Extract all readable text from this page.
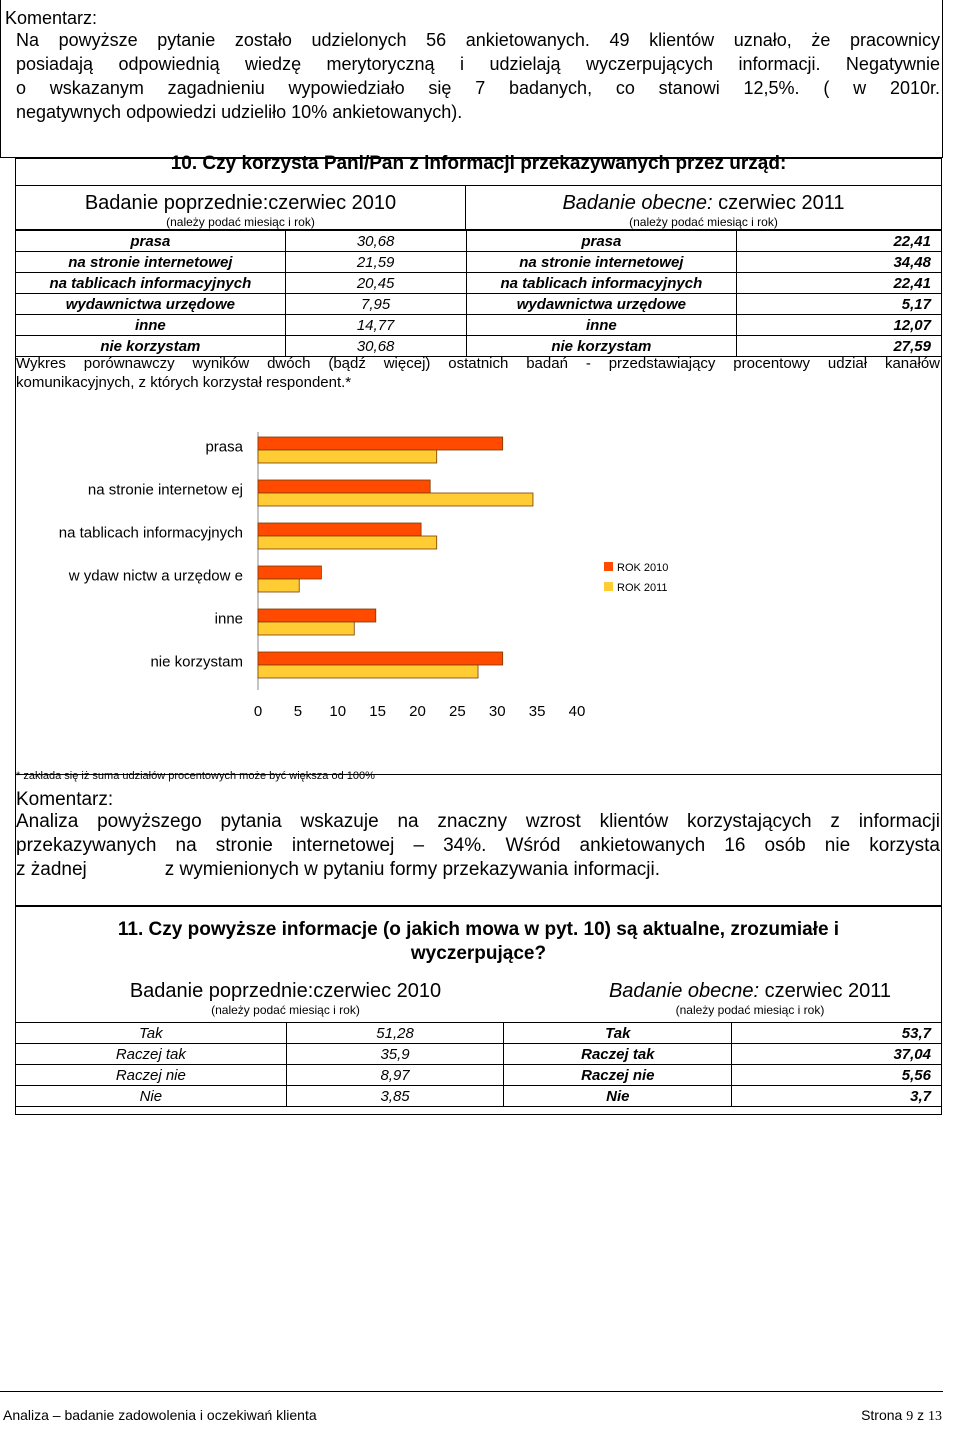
Komentarz:
Na powyższe pytanie zostało udzielonych 56 ankietowanych. 49 klientów uznało, że pracownicy
posiadają odpowiednią wiedzę merytoryczną i udzielają wyczerpujących informacji. Negatywnie
o wskazanym zagadnieniu wypowiedziało się 7 badanych, co stanowi 12,5%. ( w 2010r.
negatywnych odpowiedzi udzieliło 10% ankietowanych).
10. Czy korzysta Pani/Pan z informacji przekazywanych przez urząd:
Badanie poprzednie:czerwiec 2010
(należy podać miesiąc i rok)
Badanie obecne: czerwiec 2011
(należy podać miesiąc i rok)
prasa	30,68	prasa	22,41
na stronie internetowej	21,59	na stronie internetowej	34,48
na tablicach informacyjnych	20,45	na tablicach informacyjnych	22,41
wydawnictwa urzędowe	7,95	wydawnictwa urzędowe	5,17
inne	14,77	inne	12,07
nie korzystam	30,68	nie korzystam	27,59
Wykres porównawczy wyników dwóch (bądź więcej) ostatnich badań - przedstawiający procentowy udział kanałów
komunikacyjnych, z których korzystał respondent.*
prasa
na stronie internetow ej
na tablicach informacyjnych
w ydaw nictw a urzędow e
inne
nie korzystam
0 5 10 15 20 25 30 35 40
ROK 2010
ROK 2011
* zakłada się iż suma udziałów procentowych może być większa od 100%
Komentarz:
Analiza powyższego pytania wskazuje na znaczny wzrost klientów korzystających z informacji
przekazywanych na stronie internetowej – 34%. Wśród ankietowanych 16 osób nie korzysta
z żadnej	z wymienionych w pytaniu formy przekazywania informacji.
11. Czy powyższe informacje (o jakich mowa w pyt. 10) są aktualne, zrozumiałe i
wyczerpujące?
Badanie poprzednie:czerwiec 2010
(należy podać miesiąc i rok)
Badanie obecne: czerwiec 2011
(należy podać miesiąc i rok)
Tak	51,28	Tak	53,7
Raczej tak	35,9	Raczej tak	37,04
Raczej nie	8,97	Raczej nie	5,56
Nie	3,85	Nie	3,7
Analiza – badanie zadowolenia i oczekiwań klienta	Strona 9 z 13
